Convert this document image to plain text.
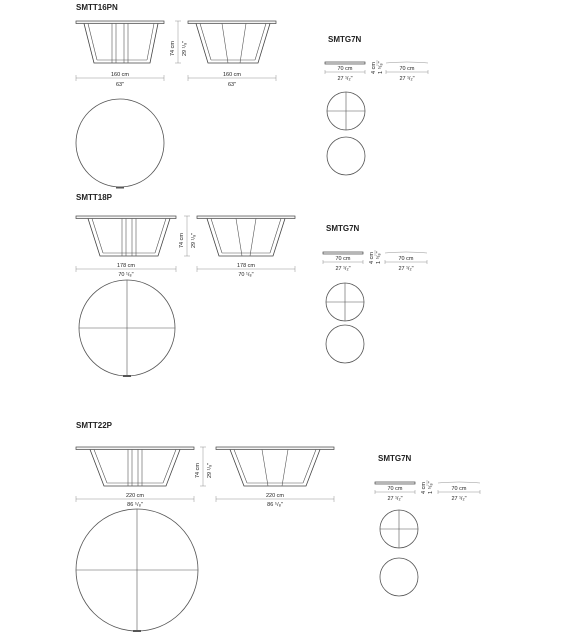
SMTT16PN
74 cm 29 ¹/₈"
160 cm
63"
160 cm
63"
SMTG7N
70 cm
27 ¹/₂"
4 cm 1 ⁵/₈"	70 cm
27 ¹/₂"
SMTT18P
74 cm 29 ¹/₈"
178 cm
70 ¹/₈"
178 cm
70 ¹/₈"
SMTG7N
70 cm
27 ¹/₂"
4 cm 1 ⁵/₈"	70 cm
27 ¹/₂"
SMTT22P
74 cm 29 ¹/₈"
220 cm
86 ⁵/₈"
220 cm
86 ⁵/₈"
SMTG7N
70 cm
27 ¹/₂"
4 cm 1 ⁵/₈"	70 cm
27 ¹/₂"
